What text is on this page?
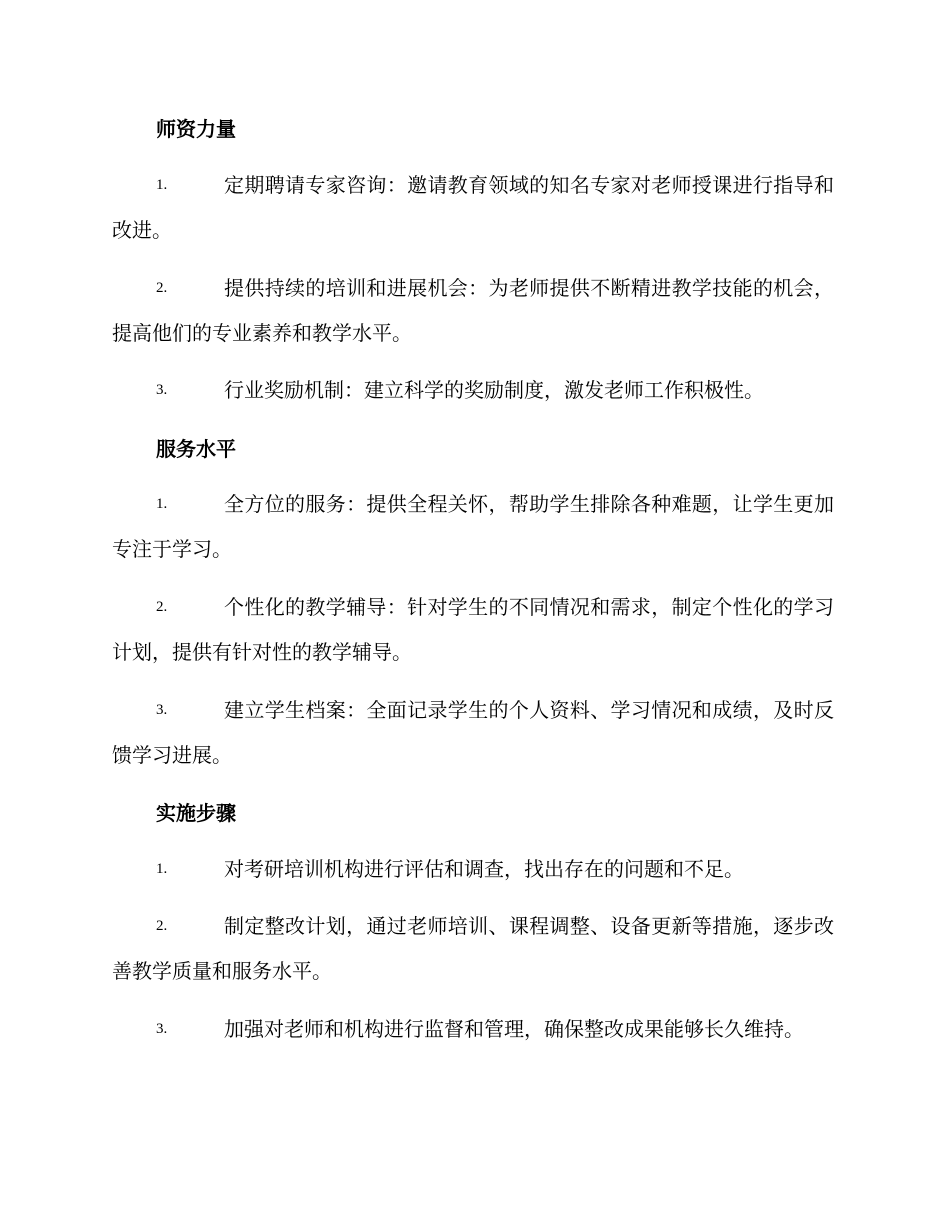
师资力量
1.	定期聘请专家咨询：邀请教育领域的知名专家对老师授课进行指导和改进。
2.	提供持续的培训和进展机会：为老师提供不断精进教学技能的机会，提高他们的专业素养和教学水平。
3.	行业奖励机制：建立科学的奖励制度，激发老师工作积极性。
服务水平
1.	全方位的服务：提供全程关怀，帮助学生排除各种难题，让学生更加专注于学习。
2.	个性化的教学辅导：针对学生的不同情况和需求，制定个性化的学习计划，提供有针对性的教学辅导。
3.	建立学生档案：全面记录学生的个人资料、学习情况和成绩，及时反馈学习进展。
实施步骤
1.	对考研培训机构进行评估和调查，找出存在的问题和不足。
2.	制定整改计划，通过老师培训、课程调整、设备更新等措施，逐步改善教学质量和服务水平。
3.	加强对老师和机构进行监督和管理，确保整改成果能够长久维持。
